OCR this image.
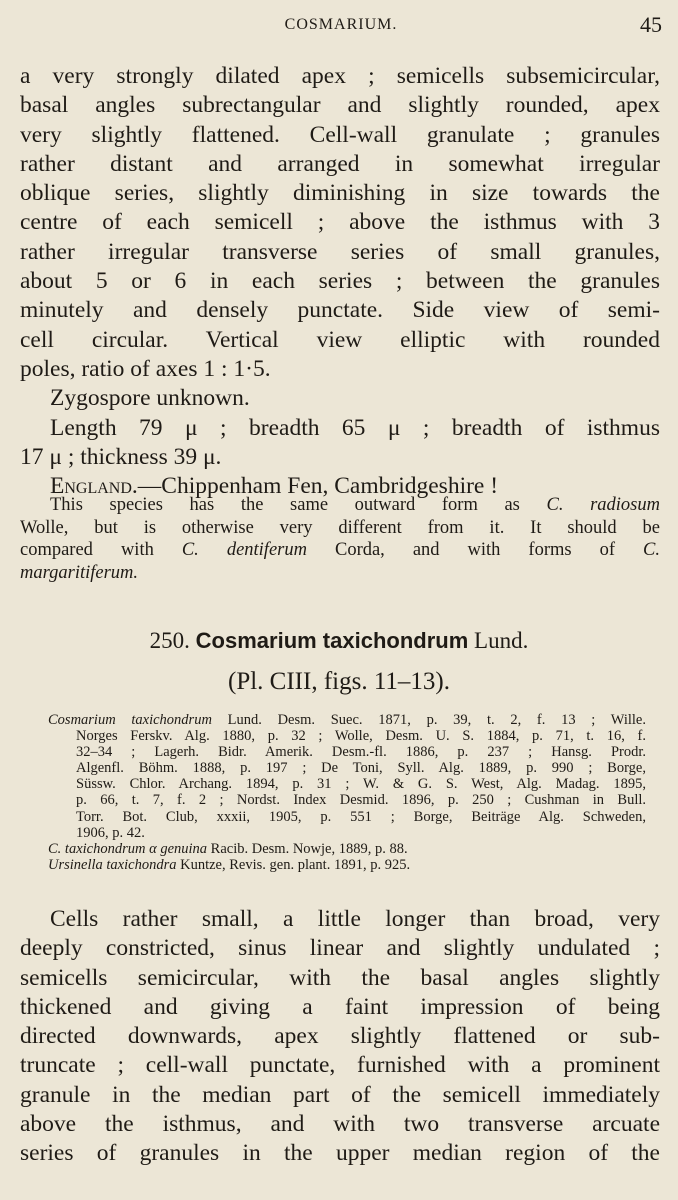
COSMARIUM.	45
a very strongly dilated apex ; semicells subsemicircular,
basal angles subrectangular and slightly rounded, apex
very slightly flattened. Cell-wall granulate ; granules
rather distant and arranged in somewhat irregular
oblique series, slightly diminishing in size towards the
centre of each semicell ; above the isthmus with 3
rather irregular transverse series of small granules,
about 5 or 6 in each series ; between the granules
minutely and densely punctate. Side view of semi-
cell circular. Vertical view elliptic with rounded
poles, ratio of axes 1 : 1·5.
Zygospore unknown.
Length 79 μ ; breadth 65 μ ; breadth of isthmus
17 μ ; thickness 39 μ.
England.—Chippenham Fen, Cambridgeshire !
This species has the same outward form as C. radiosum
Wolle, but is otherwise very different from it. It should be
compared with C. dentiferum Corda, and with forms of C.
margaritiferum.
250. Cosmarium taxichondrum Lund.
(Pl. CIII, figs. 11–13).
Cosmarium taxichondrum Lund. Desm. Suec. 1871, p. 39, t. 2, f. 13 ; Wille.
Norges Ferskv. Alg. 1880, p. 32 ; Wolle, Desm. U. S. 1884, p. 71, t. 16, f.
32–34 ; Lagerh. Bidr. Amerik. Desm.-fl. 1886, p. 237 ; Hansg. Prodr.
Algenfl. Böhm. 1888, p. 197 ; De Toni, Syll. Alg. 1889, p. 990 ; Borge,
Süssw. Chlor. Archang. 1894, p. 31 ; W. & G. S. West, Alg. Madag. 1895,
p. 66, t. 7, f. 2 ; Nordst. Index Desmid. 1896, p. 250 ; Cushman in Bull.
Torr. Bot. Club, xxxii, 1905, p. 551 ; Borge, Beiträge Alg. Schweden,
1906, p. 42.
C. taxichondrum α genuina Racib. Desm. Nowje, 1889, p. 88.
Ursinella taxichondra Kuntze, Revis. gen. plant. 1891, p. 925.
Cells rather small, a little longer than broad, very
deeply constricted, sinus linear and slightly undulated ;
semicells semicircular, with the basal angles slightly
thickened and giving a faint impression of being
directed downwards, apex slightly flattened or sub-
truncate ; cell-wall punctate, furnished with a prominent
granule in the median part of the semicell immediately
above the isthmus, and with two transverse arcuate
series of granules in the upper median region of the
